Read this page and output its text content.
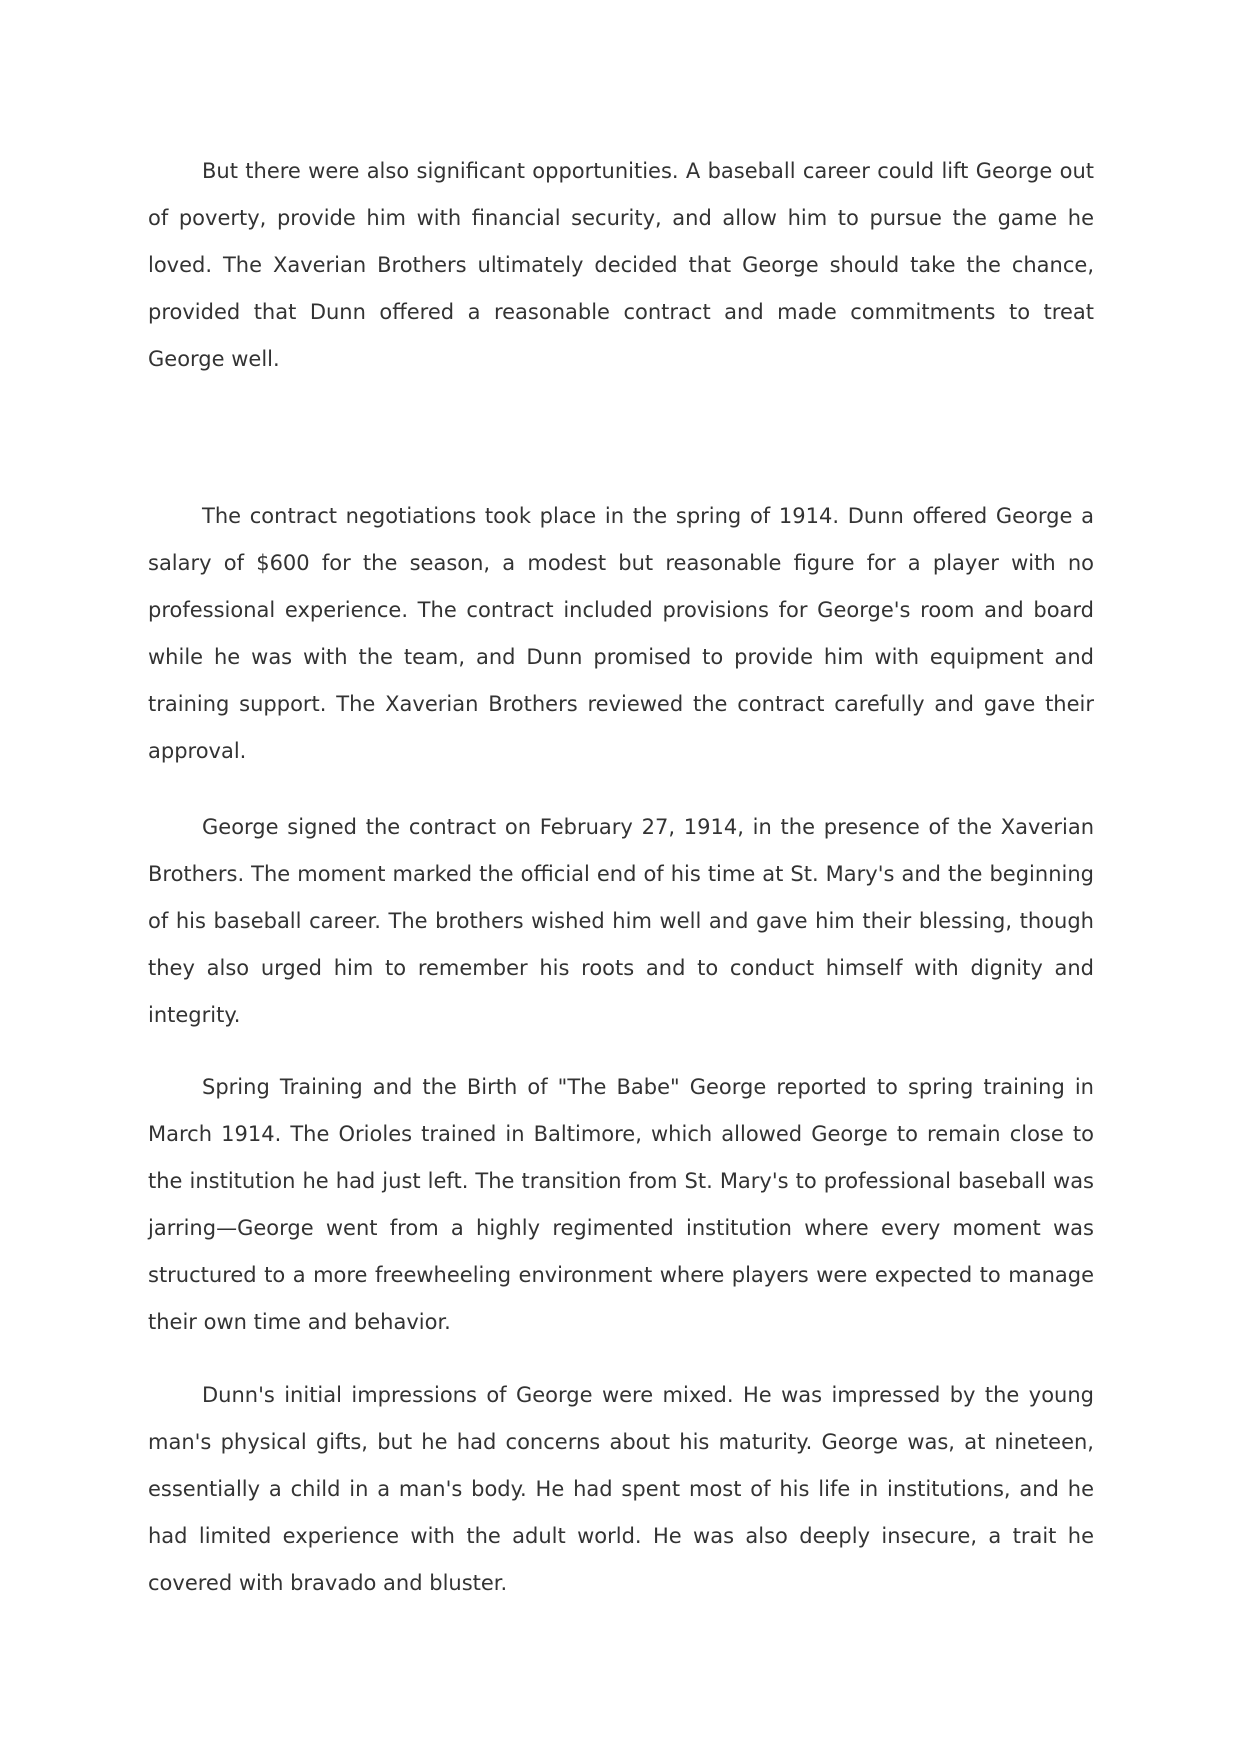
But there were also significant opportunities. A baseball career could lift George out of poverty, provide him with financial security, and allow him to pursue the game he loved. The Xaverian Brothers ultimately decided that George should take the chance, provided that Dunn offered a reasonable contract and made commitments to treat George well.

The contract negotiations took place in the spring of 1914. Dunn offered George a salary of $600 for the season, a modest but reasonable figure for a player with no professional experience. The contract included provisions for George's room and board while he was with the team, and Dunn promised to provide him with equipment and training support. The Xaverian Brothers reviewed the contract carefully and gave their approval.

George signed the contract on February 27, 1914, in the presence of the Xaverian Brothers. The moment marked the official end of his time at St. Mary's and the beginning of his baseball career. The brothers wished him well and gave him their blessing, though they also urged him to remember his roots and to conduct himself with dignity and integrity.

Spring Training and the Birth of "The Babe" George reported to spring training in March 1914. The Orioles trained in Baltimore, which allowed George to remain close to the institution he had just left. The transition from St. Mary's to professional baseball was jarring—George went from a highly regimented institution where every moment was structured to a more freewheeling environment where players were expected to manage their own time and behavior.

Dunn's initial impressions of George were mixed. He was impressed by the young man's physical gifts, but he had concerns about his maturity. George was, at nineteen, essentially a child in a man's body. He had spent most of his life in institutions, and he had limited experience with the adult world. He was also deeply insecure, a trait he covered with bravado and bluster.
